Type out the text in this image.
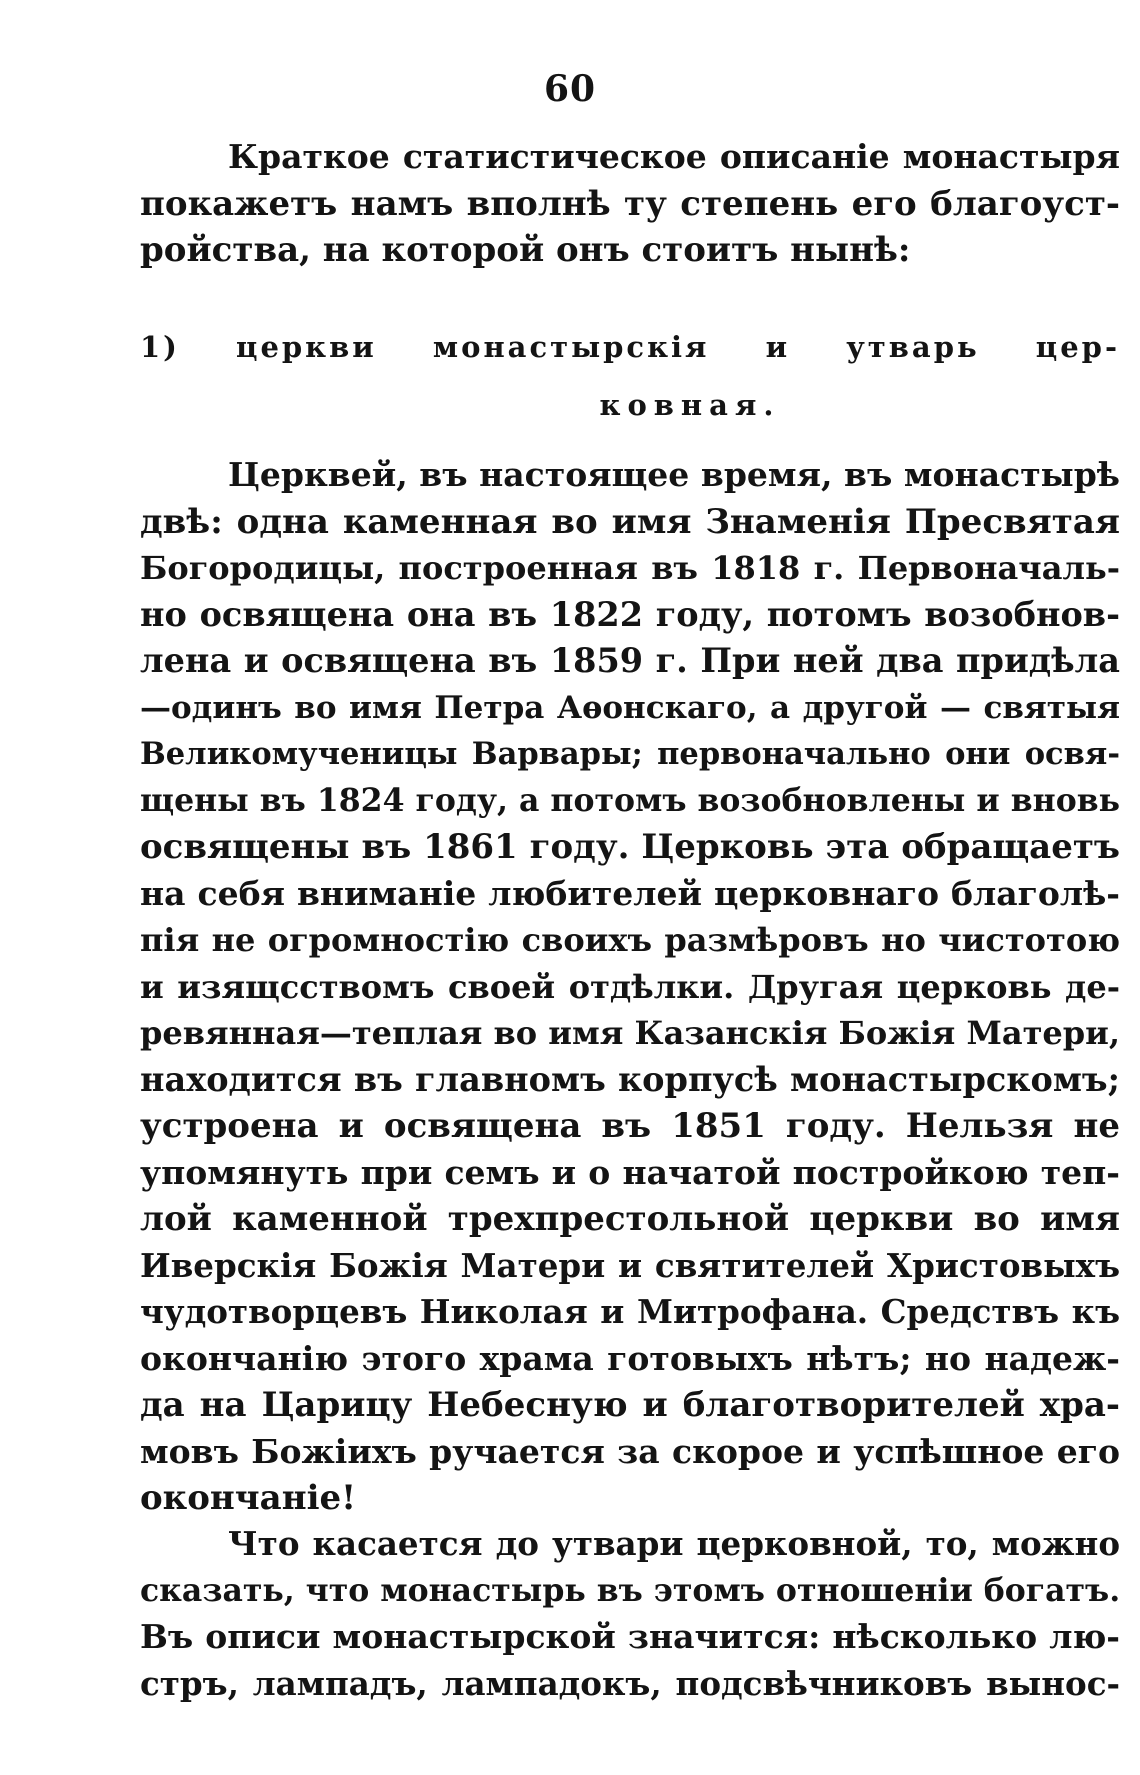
60
Краткое статистическое описаніе монастыря
покажетъ намъ вполнѣ ту степень его благоуст-
ройства, на которой онъ стоитъ нынѣ:
1) церкви монастырскія и утварь цер-
ковная.
Церквей, въ настоящее время, въ монастырѣ
двѣ: одна каменная во имя Знаменія Пресвятая
Богородицы, построенная въ 1818 г. Первоначаль-
но освящена она въ 1822 году, потомъ возобнов-
лена и освящена въ 1859 г. При ней два придѣла
—одинъ во имя Петра Аѳонскаго, а другой — святыя
Великомученицы Варвары; первоначально они освя-
щены въ 1824 году, а потомъ возобновлены и вновь
освящены въ 1861 году. Церковь эта обращаетъ
на себя вниманіе любителей церковнаго благолѣ-
пія не огромностію своихъ размѣровъ но чистотою
и изящcствомъ своей отдѣлки. Другая церковь де-
ревянная—теплая во имя Казанскія Божія Матери,
находится въ главномъ корпусѣ монастырскомъ;
устроена и освящена въ 1851 году. Нельзя не
упомянуть при семъ и о начатой постройкою теп-
лой каменной трехпрестольной церкви во имя
Иверскія Божія Матери и святителей Христовыхъ
чудотворцевъ Николая и Митрофана. Средствъ къ
окончанію этого храма готовыхъ нѣтъ; но надеж-
да на Царицу Небесную и благотворителей хра-
мовъ Божіихъ ручается за скорое и успѣшное его
окончаніе!
Что касается до утвари церковной, то, можно
сказать, что монастырь въ этомъ отношеніи богатъ.
Въ описи монастырской значится: нѣсколько лю-
стръ, лампадъ, лампадокъ, подсвѣчниковъ вынос-
